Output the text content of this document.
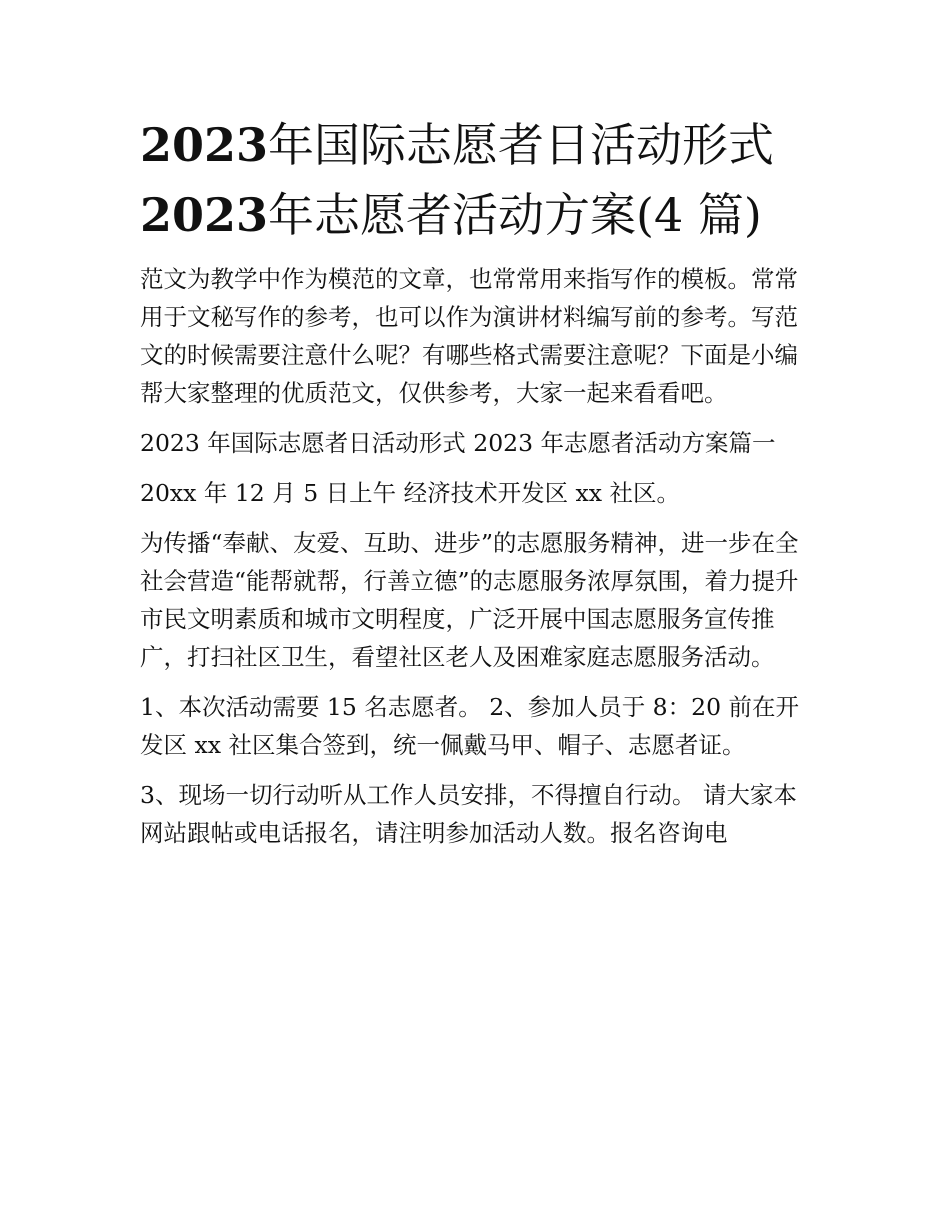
2023年国际志愿者日活动形式
2023年志愿者活动方案(4 篇)

范文为教学中作为模范的文章，也常常用来指写作的模板。常常用于文秘写作的参考，也可以作为演讲材料编写前的参考。写范文的时候需要注意什么呢？有哪些格式需要注意呢？下面是小编帮大家整理的优质范文，仅供参考，大家一起来看看吧。

2023 年国际志愿者日活动形式 2023 年志愿者活动方案篇一

20xx 年 12 月 5 日上午 经济技术开发区 xx 社区。

为传播“奉献、友爱、互助、进步”的志愿服务精神，进一步在全社会营造“能帮就帮，行善立德”的志愿服务浓厚氛围，着力提升市民文明素质和城市文明程度，广泛开展中国志愿服务宣传推广，打扫社区卫生，看望社区老人及困难家庭志愿服务活动。

1、本次活动需要 15 名志愿者。 2、参加人员于 8：20 前在开发区 xx 社区集合签到，统一佩戴马甲、帽子、志愿者证。

3、现场一切行动听从工作人员安排，不得擅自行动。 请大家本网站跟帖或电话报名，请注明参加活动人数。报名咨询电
